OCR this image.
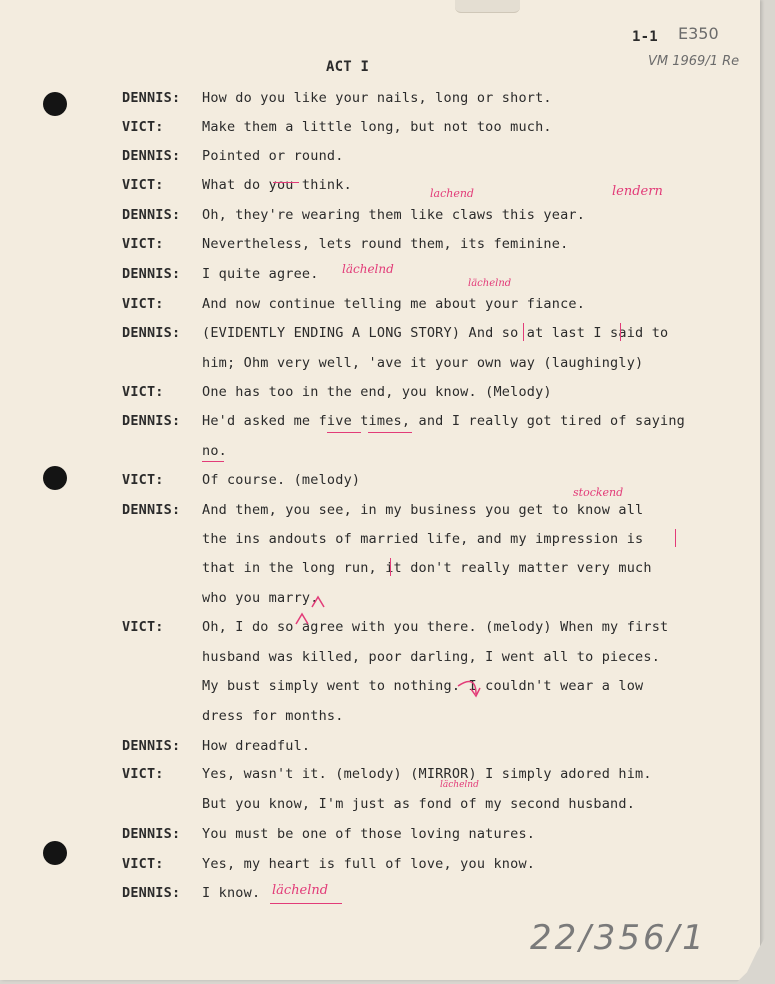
1-1 E350
VM 1969/1 Re
22/356/1
ACT I
DENNIS: How do you like your nails, long or short.
VICT:	Make them a little long, but not too much.
DENNIS: Pointed or round.
VICT:	What do you think.
DENNIS: Oh, they're wearing them like claws this year.
VICT:	Nevertheless, lets round them, its feminine.
DENNIS: I quite agree.
VICT:	And now continue telling me about your fiance.
DENNIS: (EVIDENTLY ENDING A LONG STORY) And so at last I said to
him; Ohm very well, 'ave it your own way (laughingly)
VICT:	One has too in the end, you know. (Melody)
DENNIS: He'd asked me five times, and I really got tired of saying
no.
VICT:	Of course. (melody)
DENNIS: And them, you see, in my business you get to know all
the ins andouts of married life, and my impression is
that in the long run, it don't really matter very much
who you marry.
VICT:	Oh, I do so agree with you there. (melody) When my first
husband was killed, poor darling, I went all to pieces.
My bust simply went to nothing. I couldn't wear a low
dress for months.
DENNIS: How dreadful.
VICT:	Yes, wasn't it. (melody) (MIRROR) I simply adored him.
But you know, I'm just as fond of my second husband.
DENNIS: You must be one of those loving natures.
VICT:	Yes, my heart is full of love, you know.
DENNIS: I know.
lachend	lendern
lächelnd
lächelnd
stockend
lächelnd
lächelnd
